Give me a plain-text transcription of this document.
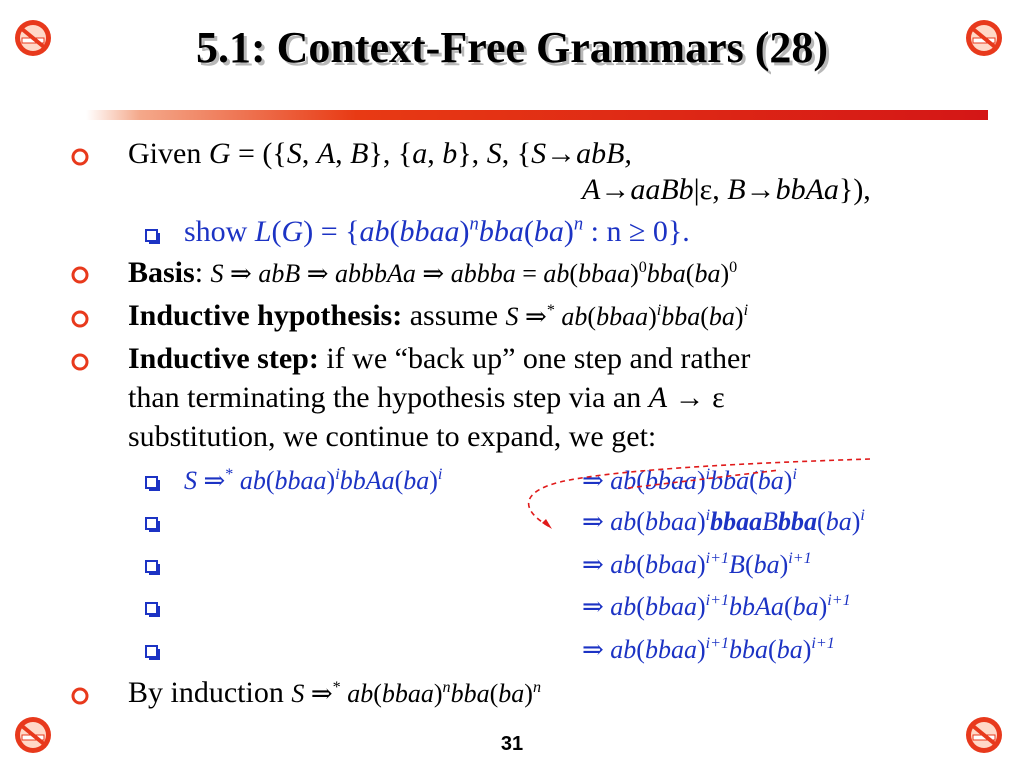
5.1: Context-Free Grammars (28)
Given G = ({S, A, B}, {a, b}, S, {S→abB,
A→aaBb|ε, B→bbAa}),
show L(G) = {ab(bbaa)$^n$bba(ba)$^n$ : n ≥ 0}.
Basis: S ⇒ abB ⇒ abbbAa ⇒ abbba = ab(bbaa)$^0$bba(ba)$^0$
Inductive hypothesis: assume S ⇒* ab(bbaa)$^i$bba(ba)$^i$
Inductive step: if we “back up” one step and rather
than terminating the hypothesis step via an A → ε
substitution, we continue to expand, we get:
S ⇒* ab(bbaa)$^i$bbAa(ba)$^i$	⇒ ab(bbaa)$^i$bba(ba)$^i$
⇒ ab(bbaa)$^i$bbaaBbba(ba)$^i$
⇒ ab(bbaa)$^{i+1}$B(ba)$^{i+1}$
⇒ ab(bbaa)$^{i+1}$bbAa(ba)$^{i+1}$
⇒ ab(bbaa)$^{i+1}$bba(ba)$^{i+1}$
By induction S ⇒* ab(bbaa)$^n$bba(ba)$^n$
31
